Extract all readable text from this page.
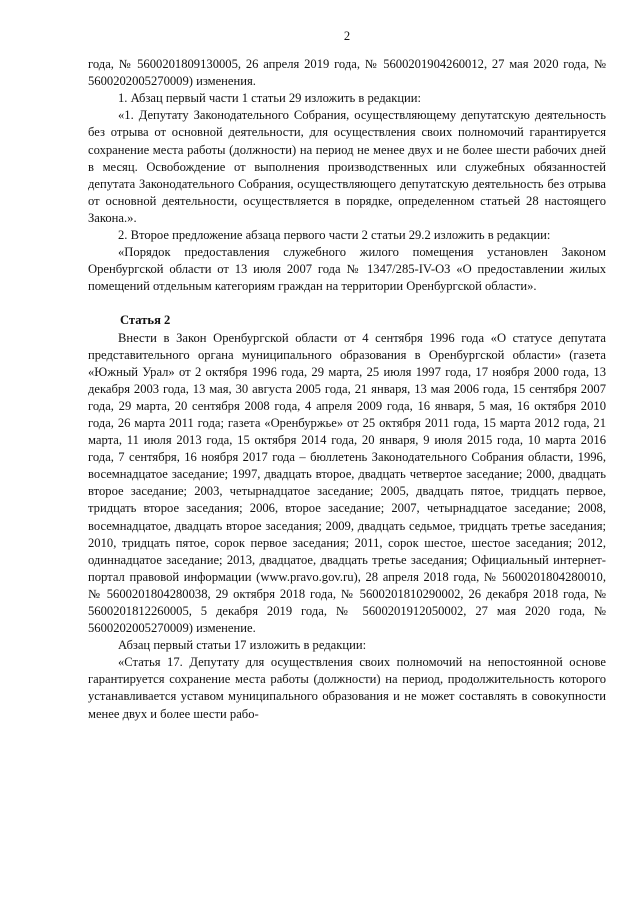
2

года, № 5600201809130005, 26 апреля 2019 года, № 5600201904260012, 27 мая 2020 года, № 5600202005270009) изменения.

1. Абзац первый части 1 статьи 29 изложить в редакции:

«1. Депутату Законодательного Собрания, осуществляющему депутатскую деятельность без отрыва от основной деятельности, для осуществления своих полномочий гарантируется сохранение места работы (должности) на период не менее двух и не более шести рабочих дней в месяц. Освобождение от выполнения производственных или служебных обязанностей депутата Законодательного Собрания, осуществляющего депутатскую деятельность без отрыва от основной деятельности, осуществляется в порядке, определенном статьей 28 настоящего Закона.».

2. Второе предложение абзаца первого части 2 статьи 29.2 изложить в редакции:

«Порядок предоставления служебного жилого помещения установлен Законом Оренбургской области от 13 июля 2007 года № 1347/285-IV-ОЗ «О предоставлении жилых помещений отдельным категориям граждан на территории Оренбургской области».

Статья 2

Внести в Закон Оренбургской области от 4 сентября 1996 года «О статусе депутата представительного органа муниципального образования в Оренбургской области» (газета «Южный Урал» от 2 октября 1996 года, 29 марта, 25 июля 1997 года, 17 ноября 2000 года, 13 декабря 2003 года, 13 мая, 30 августа 2005 года, 21 января, 13 мая 2006 года, 15 сентября 2007 года, 29 марта, 20 сентября 2008 года, 4 апреля 2009 года, 16 января, 5 мая, 16 октября 2010 года, 26 марта 2011 года; газета «Оренбуржье» от 25 октября 2011 года, 15 марта 2012 года, 21 марта, 11 июля 2013 года, 15 октября 2014 года, 20 января, 9 июля 2015 года, 10 марта 2016 года, 7 сентября, 16 ноября 2017 года – бюллетень Законодательного Собрания области, 1996, восемнадцатое заседание; 1997, двадцать второе, двадцать четвертое заседание; 2000, двадцать второе заседание; 2003, четырнадцатое заседание; 2005, двадцать пятое, тридцать первое, тридцать второе заседания; 2006, второе заседание; 2007, четырнадцатое заседание; 2008, восемнадцатое, двадцать второе заседания; 2009, двадцать седьмое, тридцать третье заседания; 2010, тридцать пятое, сорок первое заседания; 2011, сорок шестое, шестое заседания; 2012, одиннадцатое заседание; 2013, двадцатое, двадцать третье заседания; Официальный интернет-портал правовой информации (www.pravo.gov.ru), 28 апреля 2018 года, № 5600201804280010, № 5600201804280038, 29 октября 2018 года, № 5600201810290002, 26 декабря 2018 года, № 5600201812260005, 5 декабря 2019 года, № 5600201912050002, 27 мая 2020 года, № 5600202005270009) изменение.

Абзац первый статьи 17 изложить в редакции:

«Статья 17. Депутату для осуществления своих полномочий на непостоянной основе гарантируется сохранение места работы (должности) на период, продолжительность которого устанавливается уставом муниципального образования и не может составлять в совокупности менее двух и более шести рабо-
